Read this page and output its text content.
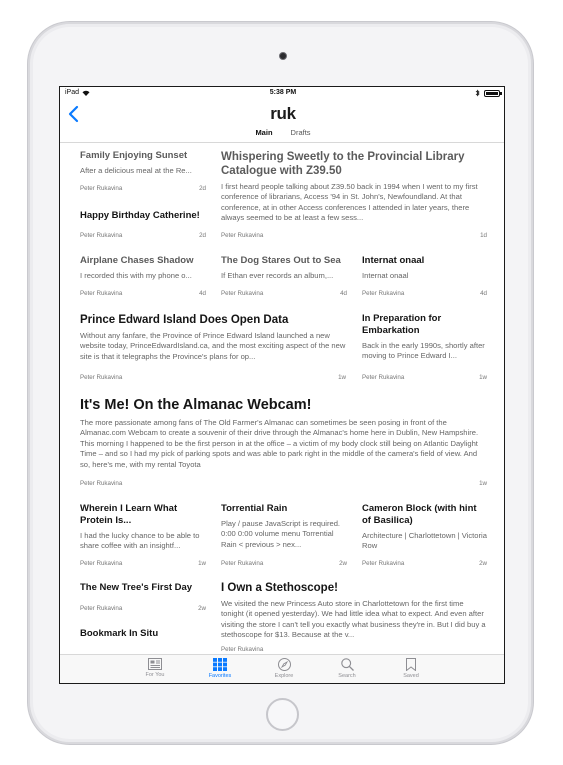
iPad	5:38 PM
ruk
Main Drafts
Family Enjoying Sunset

After a delicious meal at the Re...

Peter Rukavina	2d
Whispering Sweetly to the Provincial Library Catalogue with Z39.50

I first heard people talking about Z39.50 back in 1994 when I went to my first conference of librarians, Access '94 in St. John's, Newfoundland. At that conference, at in other Access conferences I attended in later years, there always seemed to be at least a few sess...

Peter Rukavina	1d
Happy Birthday Catherine!
Peter Rukavina	2d
Airplane Chases Shadow

I recorded this with my phone o...

Peter Rukavina	4d
The Dog Stares Out to Sea

If Ethan ever records an album,...

Peter Rukavina	4d
Internat onaal

Internat onaal

Peter Rukavina	4d
Prince Edward Island Does Open Data

Without any fanfare, the Province of Prince Edward Island launched a new website today, PrinceEdwardIsland.ca, and the most exciting aspect of the new site is that it telegraphs the Province's plans for op...

Peter Rukavina	1w
In Preparation for Embarkation

Back in the early 1990s, shortly after moving to Prince Edward I...

Peter Rukavina	1w
It's Me! On the Almanac Webcam!

The more passionate among fans of The Old Farmer's Almanac can sometimes be seen posing in front of the Almanac.com Webcam to create a souvenir of their drive through the Almanac's home here in Dublin, New Hampshire. This morning I happened to be the first person in at the office – a victim of my body clock still being on Atlantic Daylight Time – and so I had my pick of parking spots and was able to park right in the middle of the camera's field of view. And so, here's me, with my rental Toyota

Peter Rukavina	1w
Wherein I Learn What Protein Is...

I had the lucky chance to be able to share coffee with an insightf...

Peter Rukavina	1w
Torrential Rain

Play / pause JavaScript is required. 0:00 0:00 volume menu Torrential Rain < previous > nex...

Peter Rukavina	2w
Cameron Block (with hint of Basilica)

Architecture | Charlottetown | Victoria Row

Peter Rukavina	2w
The New Tree's First Day
Peter Rukavina	2w
Bookmark In Situ
I Own a Stethoscope!

We visited the new Princess Auto store in Charlottetown for the first time tonight (it opened yesterday). We had little idea what to expect. And even after visiting the store I can't tell you exactly what business they're in. But I did buy a stethoscope for $13. Because at the v...

Peter Rukavina
For You	Favorites	Explore	Search	Saved
